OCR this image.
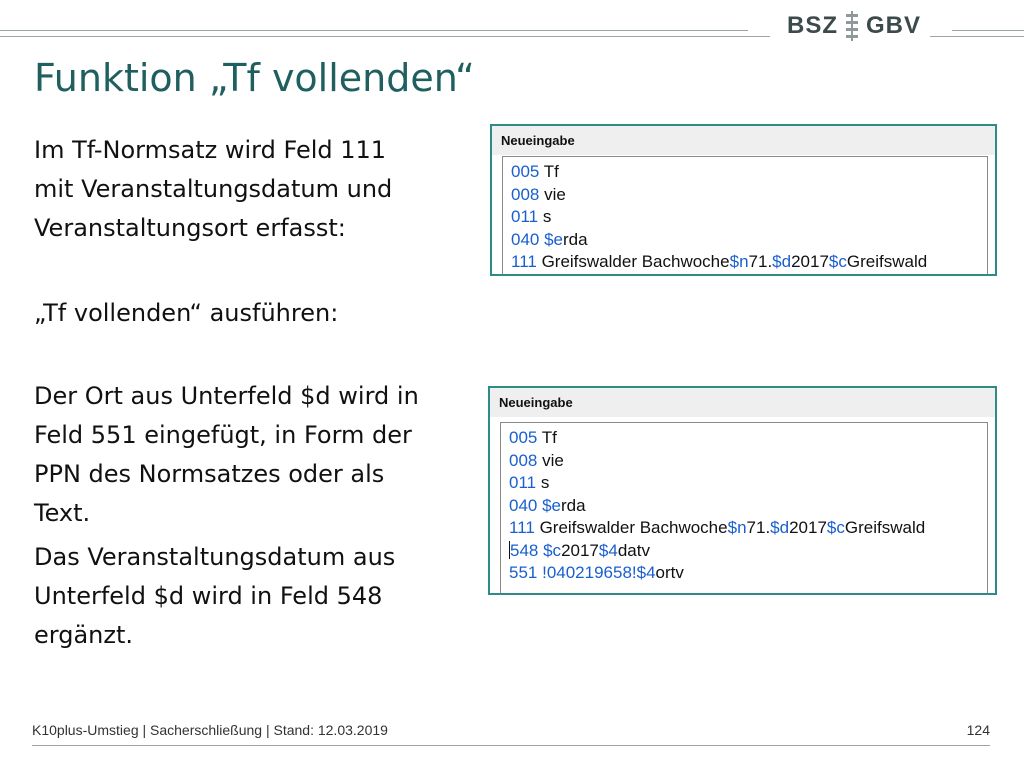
BSZ GBV
Funktion „Tf vollenden“
Im Tf-Normsatz wird Feld 111
mit Veranstaltungsdatum und
Veranstaltungsort erfasst:
„Tf vollenden“ ausführen:
Der Ort aus Unterfeld $d wird in
Feld 551 eingefügt, in Form der
PPN des Normsatzes oder als
Text.
Das Veranstaltungsdatum aus
Unterfeld $d wird in Feld 548
ergänzt.
Neueingabe
005 Tf
008 vie
011 s
040 $erda
111 Greifswalder Bachwoche$n71.$d2017$cGreifswald
Neueingabe
005 Tf
008 vie
011 s
040 $erda
111 Greifswalder Bachwoche$n71.$d2017$cGreifswald
548 $c2017$4datv
551 !040219658!$4ortv
K10plus-Umstieg | Sacherschließung | Stand: 12.03.2019	124
